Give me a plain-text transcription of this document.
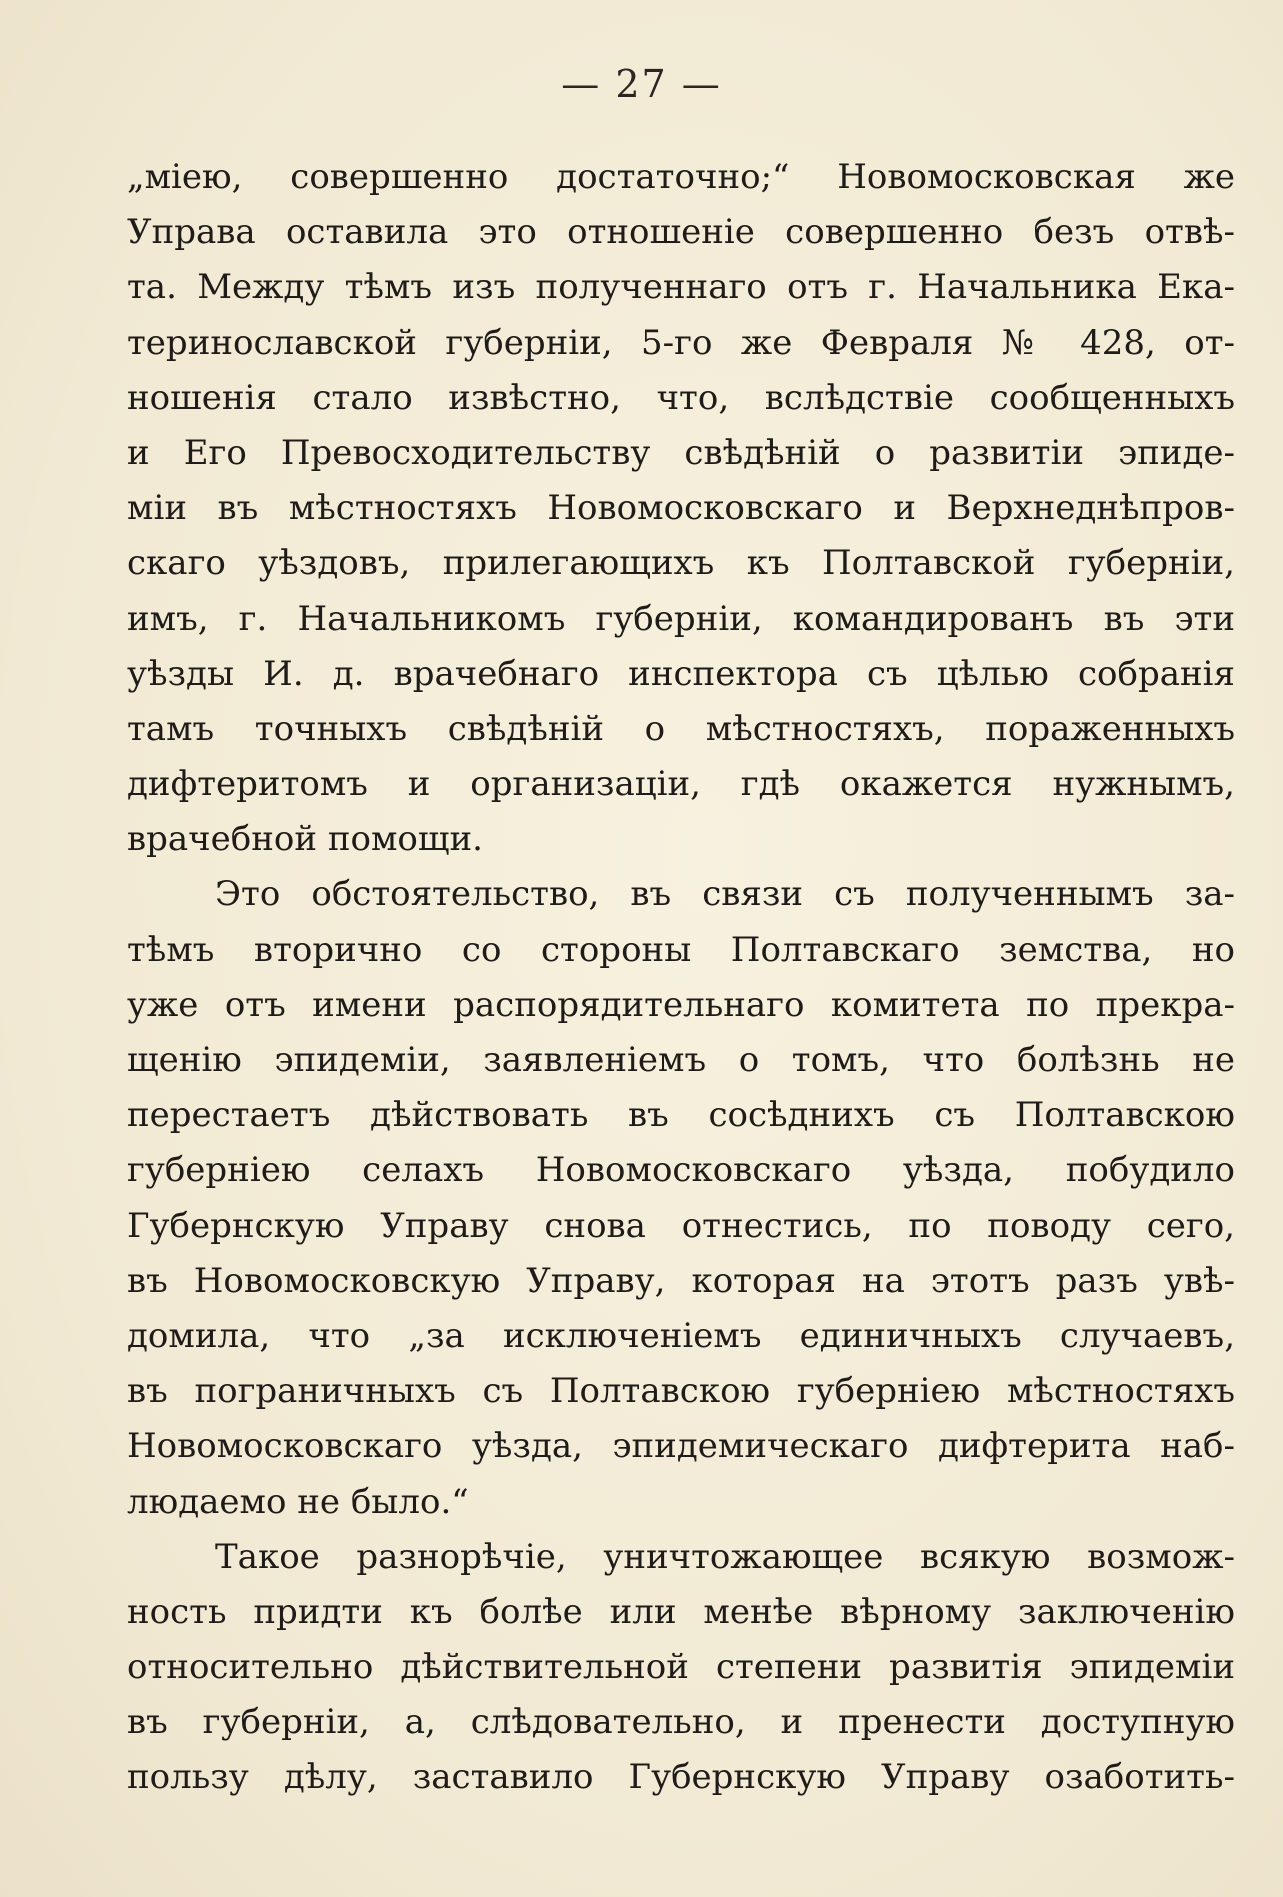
— 27 —
„міею, совершенно достаточно;“ Новомосковская же
Управа оставила это отношеніе совершенно безъ отвѣ-
та. Между тѣмъ изъ полученнаго отъ г. Начальника Ека-
теринославской губерніи, 5-го же Февраля № 428, от-
ношенія стало извѣстно, что, вслѣдствіе сообщенныхъ
и Его Превосходительству свѣдѣній о развитіи эпиде-
міи въ мѣстностяхъ Новомосковскаго и Верхнеднѣпров-
скаго уѣздовъ, прилегающихъ къ Полтавской губерніи,
имъ, г. Начальникомъ губерніи, командированъ въ эти
уѣзды И. д. врачебнаго инспектора съ цѣлью собранія
тамъ точныхъ свѣдѣній о мѣстностяхъ, пораженныхъ
дифтеритомъ и организаціи, гдѣ окажется нужнымъ,
врачебной помощи.
Это обстоятельство, въ связи съ полученнымъ за-
тѣмъ вторично со стороны Полтавскаго земства, но
уже отъ имени распорядительнаго комитета по прекра-
щенію эпидеміи, заявленіемъ о томъ, что болѣзнь не
перестаетъ дѣйствовать въ сосѣднихъ съ Полтавскою
губерніею селахъ Новомосковскаго уѣзда, побудило
Губернскую Управу снова отнестись, по поводу сего,
въ Новомосковскую Управу, которая на этотъ разъ увѣ-
домила, что „за исключеніемъ единичныхъ случаевъ,
въ пограничныхъ съ Полтавскою губерніею мѣстностяхъ
Новомосковскаго уѣзда, эпидемическаго дифтерита наб-
людаемо не было.“
Такое разнорѣчіе, уничтожающее всякую возмож-
ность придти къ болѣе или менѣе вѣрному заключенію
относительно дѣйствительной степени развитія эпидеміи
въ губерніи, а, слѣдовательно, и пренести доступную
пользу дѣлу, заставило Губернскую Управу озаботить-
